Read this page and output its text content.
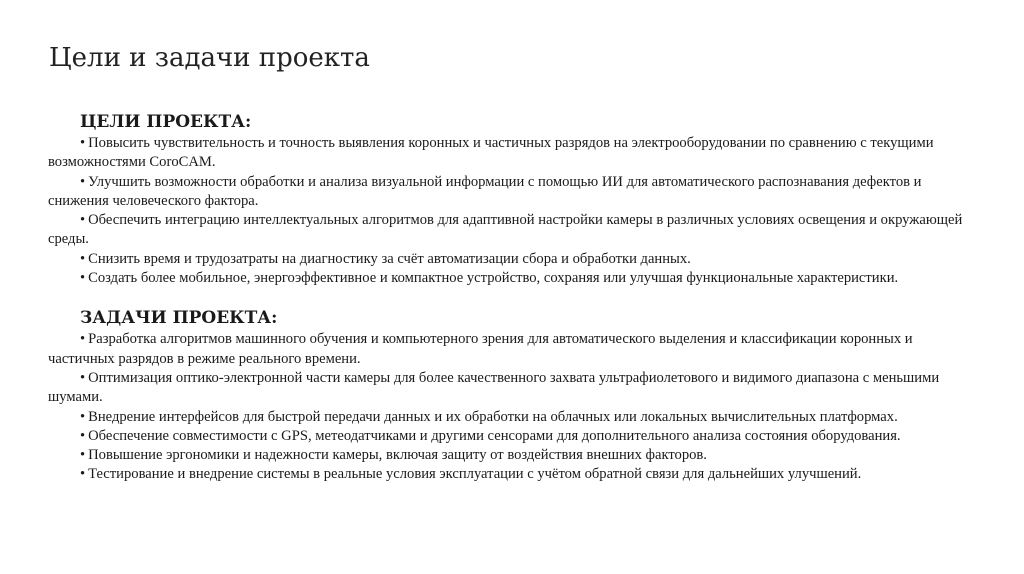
Цели и задачи проекта
ЦЕЛИ ПРОЕКТА:
• Повысить чувствительность и точность выявления коронных и частичных разрядов на электрооборудовании по сравнению с текущими возможностями CoroCAM.
• Улучшить возможности обработки и анализа визуальной информации с помощью ИИ для автоматического распознавания дефектов и снижения человеческого фактора.
• Обеспечить интеграцию интеллектуальных алгоритмов для адаптивной настройки камеры в различных условиях освещения и окружающей среды.
• Снизить время и трудозатраты на диагностику за счёт автоматизации сбора и обработки данных.
• Создать более мобильное, энергоэффективное и компактное устройство, сохраняя или улучшая функциональные характеристики.
ЗАДАЧИ ПРОЕКТА:
• Разработка алгоритмов машинного обучения и компьютерного зрения для автоматического выделения и классификации коронных и частичных разрядов в режиме реального времени.
• Оптимизация оптико-электронной части камеры для более качественного захвата ультрафиолетового и видимого диапазона с меньшими шумами.
• Внедрение интерфейсов для быстрой передачи данных и их обработки на облачных или локальных вычислительных платформах.
• Обеспечение совместимости с GPS, метеодатчиками и другими сенсорами для дополнительного анализа состояния оборудования.
• Повышение эргономики и надежности камеры, включая защиту от воздействия внешних факторов.
• Тестирование и внедрение системы в реальные условия эксплуатации с учётом обратной связи для дальнейших улучшений.
